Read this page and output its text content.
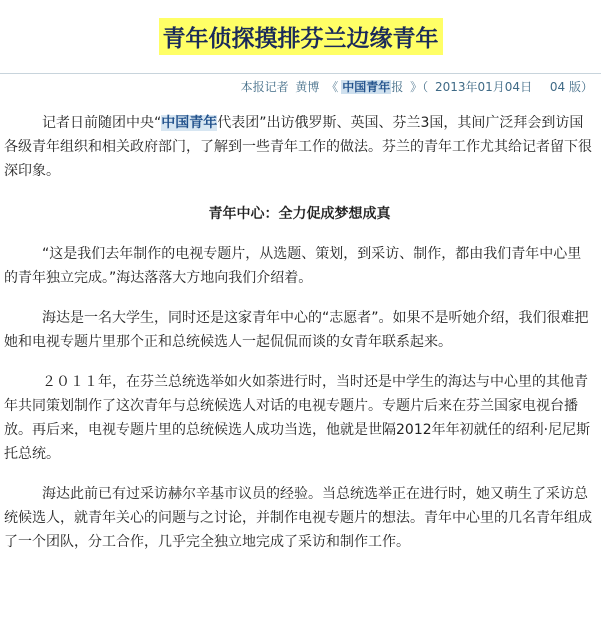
青年侦探摸排芬兰边缘青年
本报记者 黄博 《 中国青年报 》（ 2013年01月04日 04 版）

记者日前随团中央“中国青年代表团”出访俄罗斯、英国、芬兰3国，其间广泛拜会到访国各级青年组织和相关政府部门，了解到一些青年工作的做法。芬兰的青年工作尤其给记者留下很深印象。

青年中心：全力促成梦想成真

“这是我们去年制作的电视专题片，从选题、策划，到采访、制作，都由我们青年中心里的青年独立完成。”海达落落大方地向我们介绍着。

海达是一名大学生，同时还是这家青年中心的“志愿者”。如果不是听她介绍，我们很难把她和电视专题片里那个正和总统候选人一起侃侃而谈的女青年联系起来。

２０１１年，在芬兰总统选举如火如荼进行时，当时还是中学生的海达与中心里的其他青年共同策划制作了这次青年与总统候选人对话的电视专题片。专题片后来在芬兰国家电视台播放。再后来，电视专题片里的总统候选人成功当选，他就是世隔2012年年初就任的绍利·尼尼斯托总统。

海达此前已有过采访赫尔辛基市议员的经验。当总统选举正在进行时，她又萌生了采访总统候选人，就青年关心的问题与之讨论，并制作电视专题片的想法。青年中心里的几名青年组成了一个团队，分工合作，几乎完全独立地完成了采访和制作工作。
